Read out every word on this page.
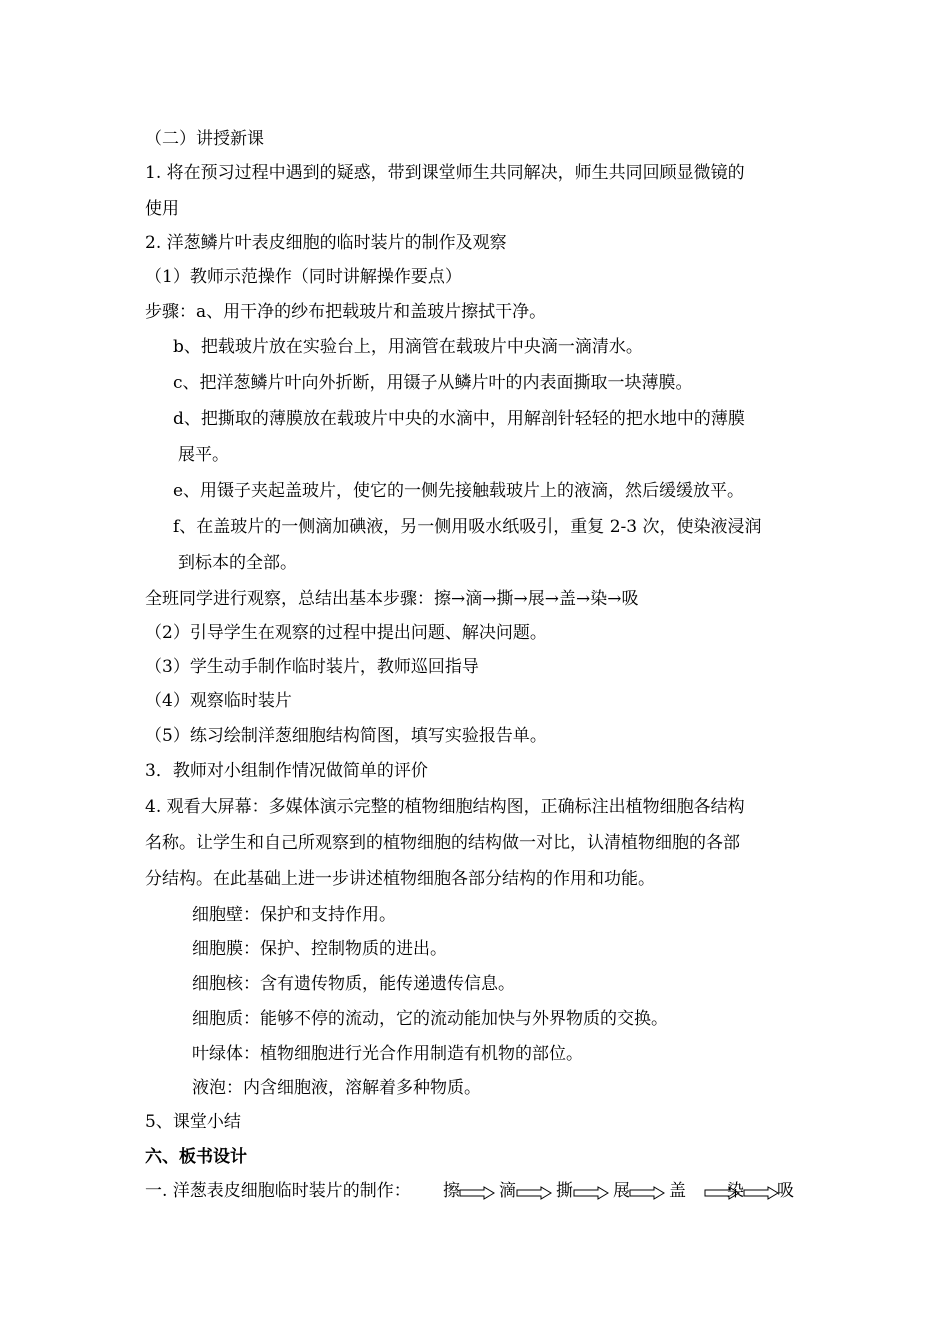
（二）讲授新课
1. 将在预习过程中遇到的疑惑，带到课堂师生共同解决，师生共同回顾显微镜的
使用
2. 洋葱鳞片叶表皮细胞的临时装片的制作及观察
（1）教师示范操作（同时讲解操作要点）
步骤：a、用干净的纱布把载玻片和盖玻片擦拭干净。
b、把载玻片放在实验台上，用滴管在载玻片中央滴一滴清水。
c、把洋葱鳞片叶向外折断，用镊子从鳞片叶的内表面撕取一块薄膜。
d、把撕取的薄膜放在载玻片中央的水滴中，用解剖针轻轻的把水地中的薄膜
展平。
e、用镊子夹起盖玻片，使它的一侧先接触载玻片上的液滴，然后缓缓放平。
f、在盖玻片的一侧滴加碘液，另一侧用吸水纸吸引，重复 2-3 次，使染液浸润
到标本的全部。
全班同学进行观察，总结出基本步骤：擦→滴→撕→展→盖→染→吸
（2）引导学生在观察的过程中提出问题、解决问题。
（3）学生动手制作临时装片，教师巡回指导
（4）观察临时装片
（5）练习绘制洋葱细胞结构简图，填写实验报告单。
3．教师对小组制作情况做简单的评价
4. 观看大屏幕：多媒体演示完整的植物细胞结构图，正确标注出植物细胞各结构
名称。让学生和自己所观察到的植物细胞的结构做一对比，认清植物细胞的各部
分结构。在此基础上进一步讲述植物细胞各部分结构的作用和功能。
细胞壁：保护和支持作用。
细胞膜：保护、控制物质的进出。
细胞核：含有遗传物质，能传递遗传信息。
细胞质：能够不停的流动，它的流动能加快与外界物质的交换。
叶绿体：植物细胞进行光合作用制造有机物的部位。
液泡：内含细胞液，溶解着多种物质。
5、课堂小结
六、板书设计
一. 洋葱表皮细胞临时装片的制作： 擦 滴 撕 展 盖 染 吸
